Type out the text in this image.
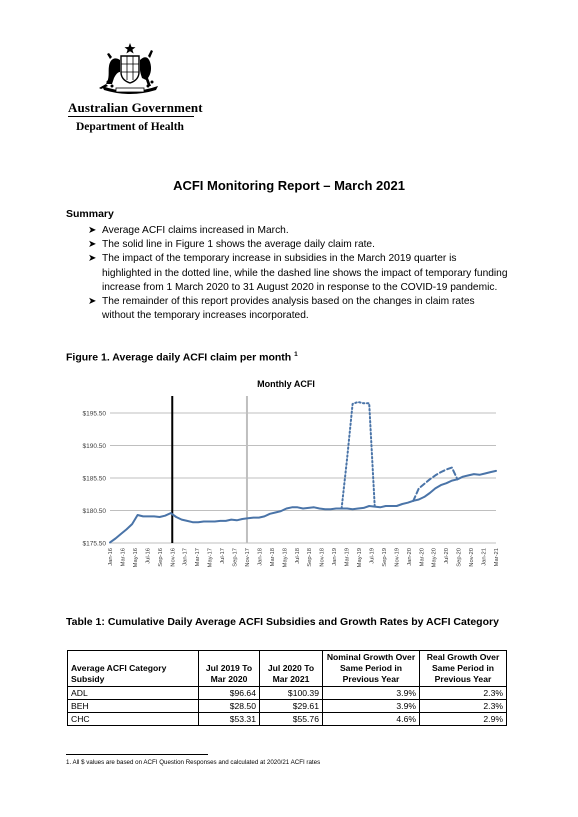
Australian Government
Department of Health
ACFI Monitoring Report – March 2021
Summary
➤ Average ACFI claims increased in March.
➤ The solid line in Figure 1 shows the average daily claim rate.
➤ The impact of the temporary increase in subsidies in the March 2019 quarter is highlighted in the dotted line, while the dashed line shows the impact of temporary funding increase from 1 March 2020 to 31 August 2020 in response to the COVID-19 pandemic.
➤ The remainder of this report provides analysis based on the changes in claim rates without the temporary increases incorporated.
Figure 1. Average daily ACFI claim per month $^1$
Monthly ACFI
$175.50
$180.50
$185.50
$190.50
$195.50
Jan-16 Mar-16 May-16 Jul-16 Sep-16 Nov-16 Jan-17 Mar-17 May-17 Jul-17 Sep-17 Nov-17 Jan-18 Mar-18 May-18 Jul-18 Sep-18 Nov-18 Jan-19 Mar-19 May-19 Jul-19 Sep-19 Nov-19 Jan-20 Mar-20 May-20 Jul-20 Sep-20 Nov-20 Jan-21 Mar-21
Table 1: Cumulative Daily Average ACFI Subsidies and Growth Rates by ACFI Category
Average ACFI Category Subsidy	Jul 2019 To Mar 2020	Jul 2020 To Mar 2021	Nominal Growth Over Same Period in Previous Year	Real Growth Over Same Period in Previous Year
ADL	$96.64	$100.39	3.9%	2.3%
BEH	$28.50	$29.61	3.9%	2.3%
CHC	$53.31	$55.76	4.6%	2.9%
1. All $ values are based on ACFI Question Responses and calculated at 2020/21 ACFI rates
